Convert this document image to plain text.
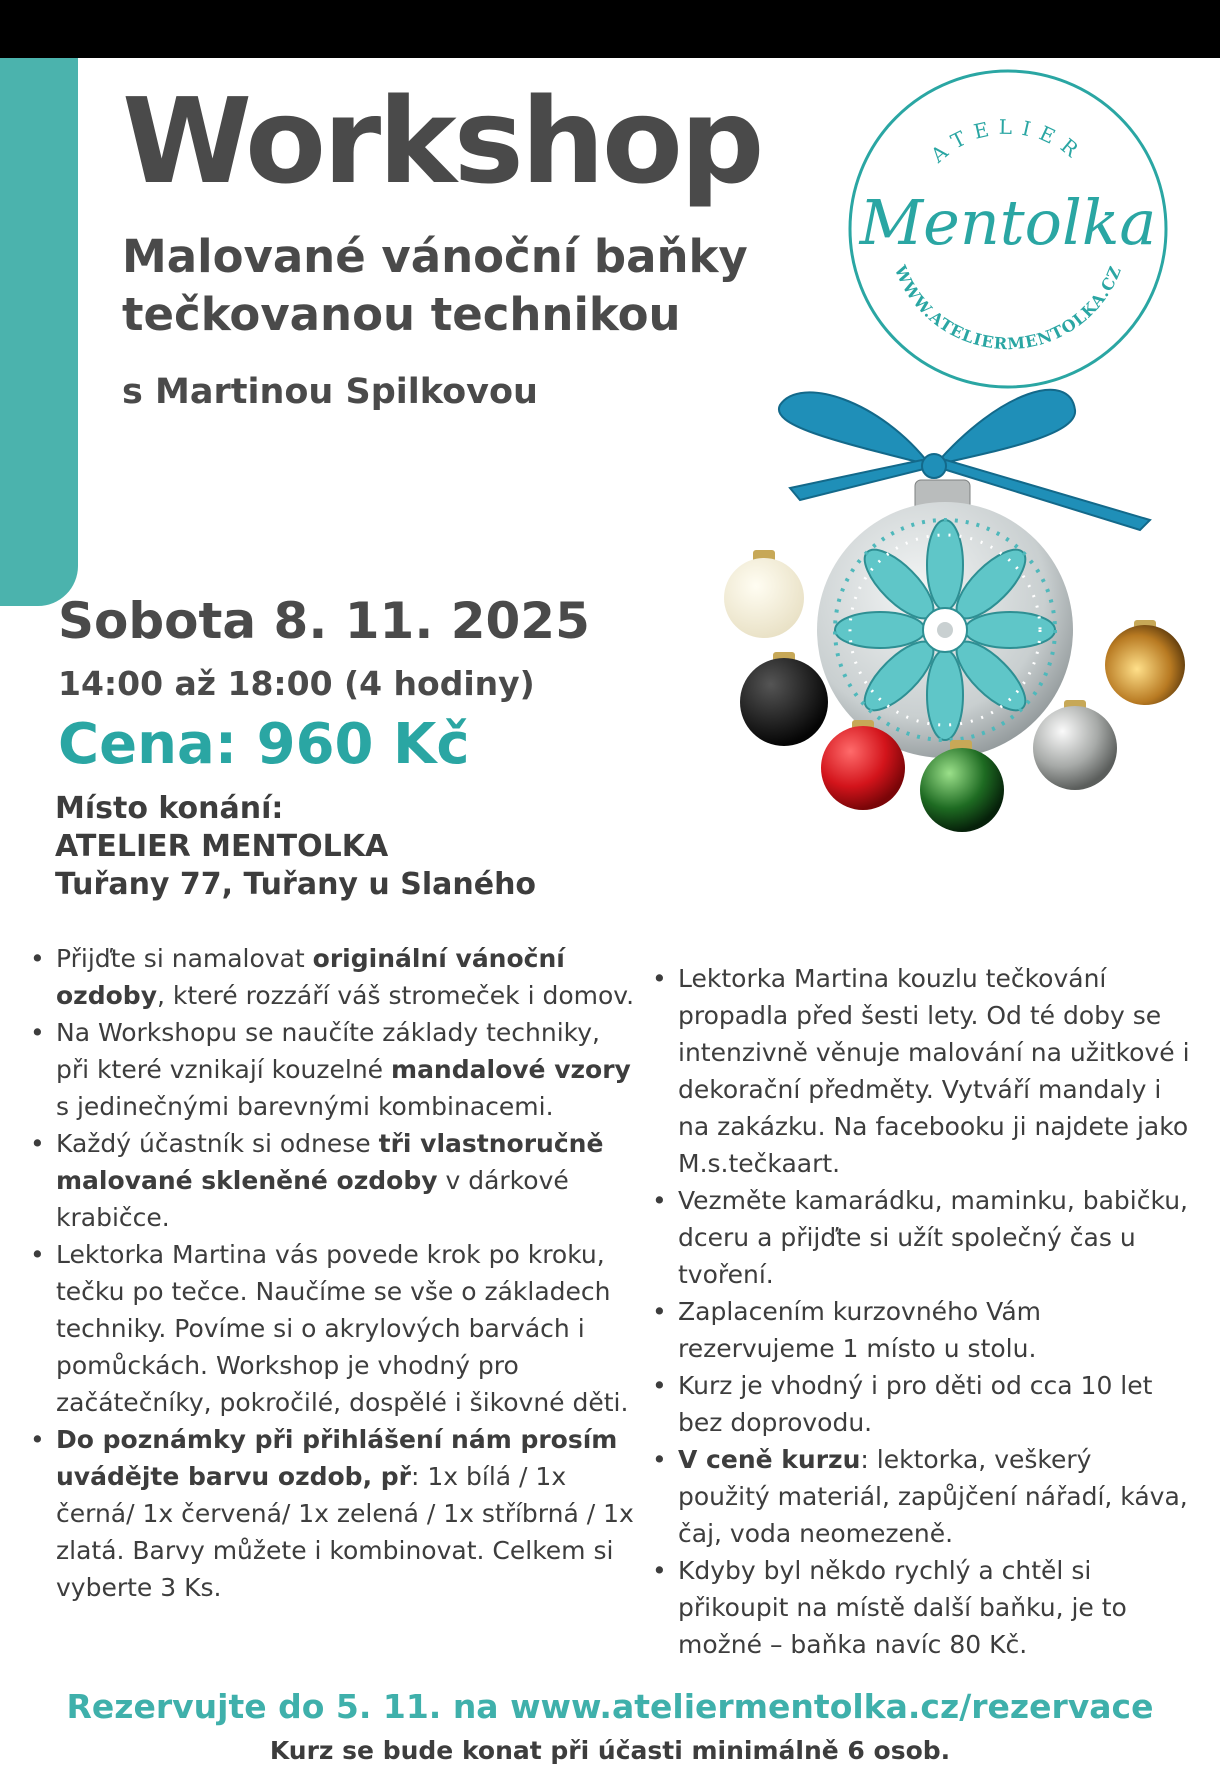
Workshop
Malované vánoční baňky
tečkovanou technikou
s Martinou Spilkovou
ATELIER
Mentolka
WWW.ATELIERMENTOLKA.CZ
Sobota 8. 11. 2025
14:00 až 18:00 (4 hodiny)
Cena: 960 Kč
Místo konání:
ATELIER MENTOLKA
Tuřany 77, Tuřany u Slaného
• Přijďte si namalovat originální vánoční ozdoby, které rozzáří váš stromeček i domov.
• Na Workshopu se naučíte základy techniky, při které vznikají kouzelné mandalové vzory s jedinečnými barevnými kombinacemi.
• Každý účastník si odnese tři vlastnoručně malované skleněné ozdoby v dárkové krabičce.
• Lektorka Martina vás povede krok po kroku, tečku po tečce. Naučíme se vše o základech techniky. Povíme si o akrylových barvách i pomůckách. Workshop je vhodný pro začátečníky, pokročilé, dospělé i šikovné děti.
• Do poznámky při přihlášení nám prosím uvádějte barvu ozdob, př: 1x bílá / 1x černá/ 1x červená/ 1x zelená / 1x stříbrná / 1x zlatá. Barvy můžete i kombinovat. Celkem si vyberte 3 Ks.
• Lektorka Martina kouzlu tečkování propadla před šesti lety. Od té doby se intenzivně věnuje malování na užitkové i dekorační předměty. Vytváří mandaly i na zakázku. Na facebooku ji najdete jako M.s.tečkaart.
• Vezměte kamarádku, maminku, babičku, dceru a přijďte si užít společný čas u tvoření.
• Zaplacením kurzovného Vám rezervujeme 1 místo u stolu.
• Kurz je vhodný i pro děti od cca 10 let bez doprovodu.
• V ceně kurzu: lektorka, veškerý použitý materiál, zapůjčení nářadí, káva, čaj, voda neomezeně.
• Kdyby byl někdo rychlý a chtěl si přikoupit na místě další baňku, je to možné – baňka navíc 80 Kč.
Rezervujte do 5. 11. na www.ateliermentolka.cz/rezervace
Kurz se bude konat při účasti minimálně 6 osob.
